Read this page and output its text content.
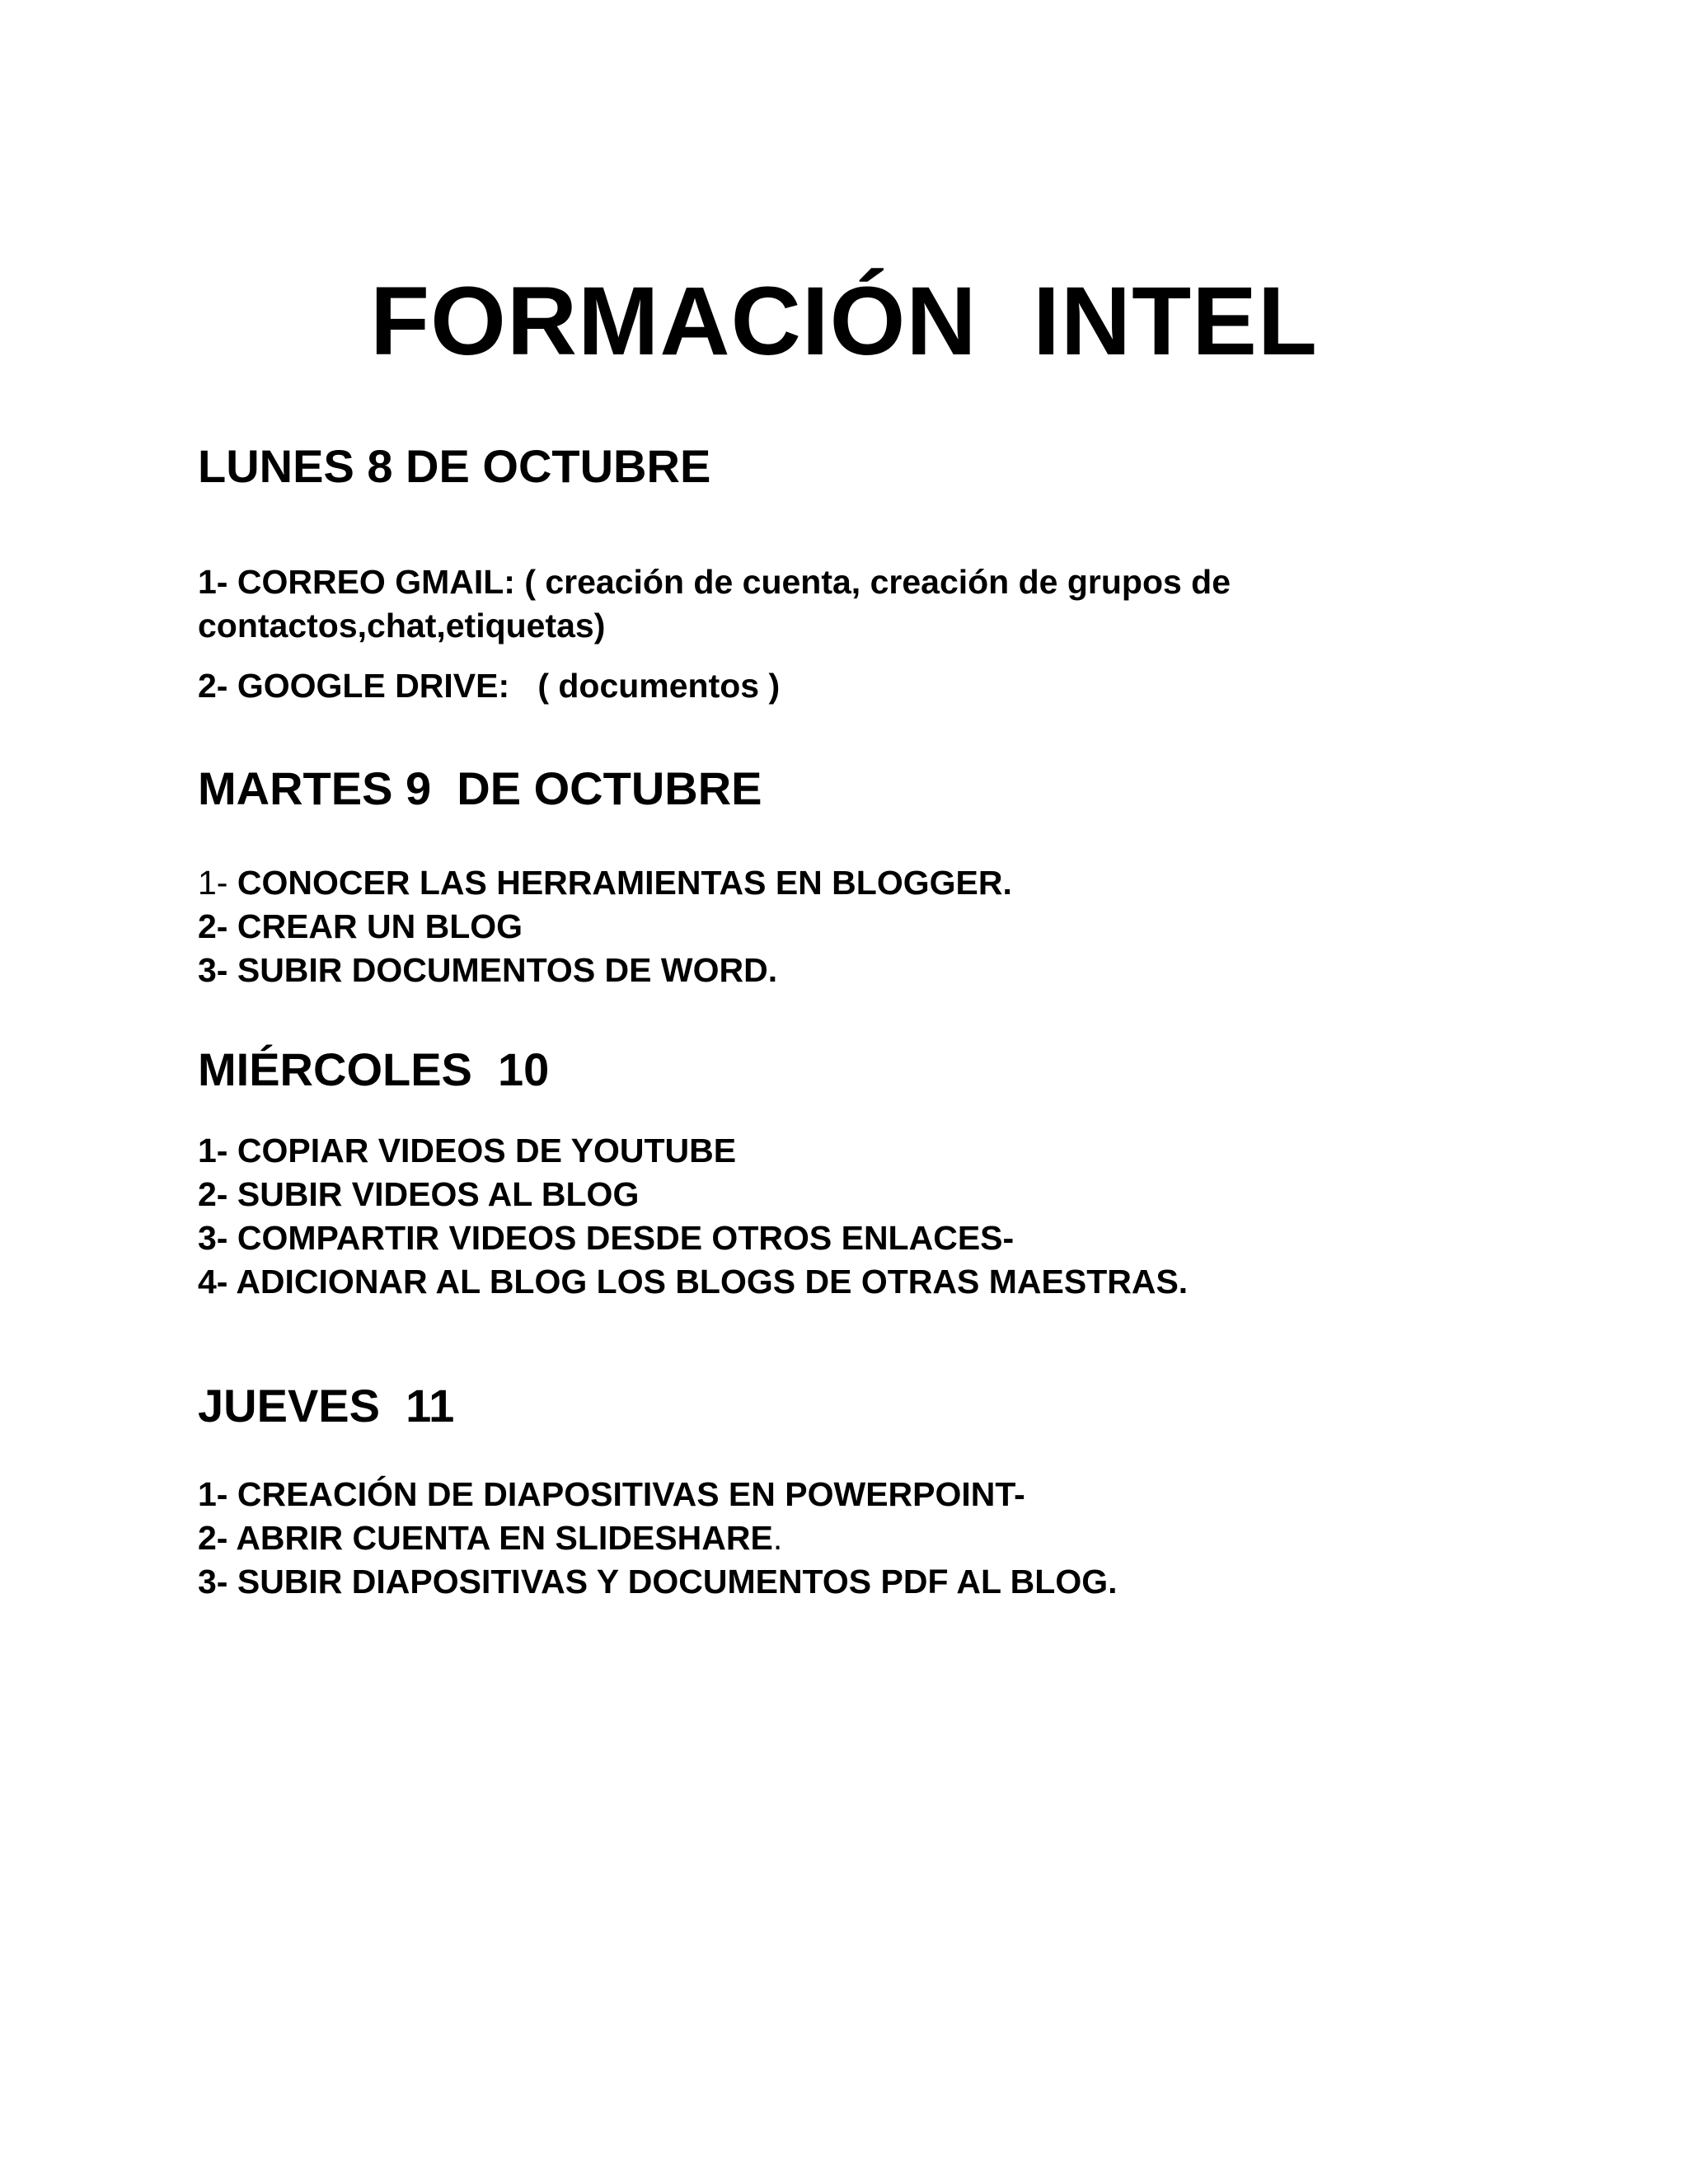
FORMACIÓN  INTEL
LUNES 8 DE OCTUBRE

1- CORREO GMAIL: ( creación de cuenta, creación de grupos de contactos,chat,etiquetas)

2- GOOGLE DRIVE:   ( documentos )

MARTES 9  DE OCTUBRE

1- CONOCER LAS HERRAMIENTAS EN BLOGGER.

2- CREAR UN BLOG

3- SUBIR DOCUMENTOS DE WORD.

MIÉRCOLES  10

1- COPIAR VIDEOS DE YOUTUBE

2- SUBIR VIDEOS AL BLOG

3- COMPARTIR VIDEOS DESDE OTROS ENLACES-

4- ADICIONAR AL BLOG LOS BLOGS DE OTRAS MAESTRAS.

JUEVES  11

1- CREACIÓN DE DIAPOSITIVAS EN POWERPOINT-

2- ABRIR CUENTA EN SLIDESHARE.

3- SUBIR DIAPOSITIVAS Y DOCUMENTOS PDF AL BLOG.
